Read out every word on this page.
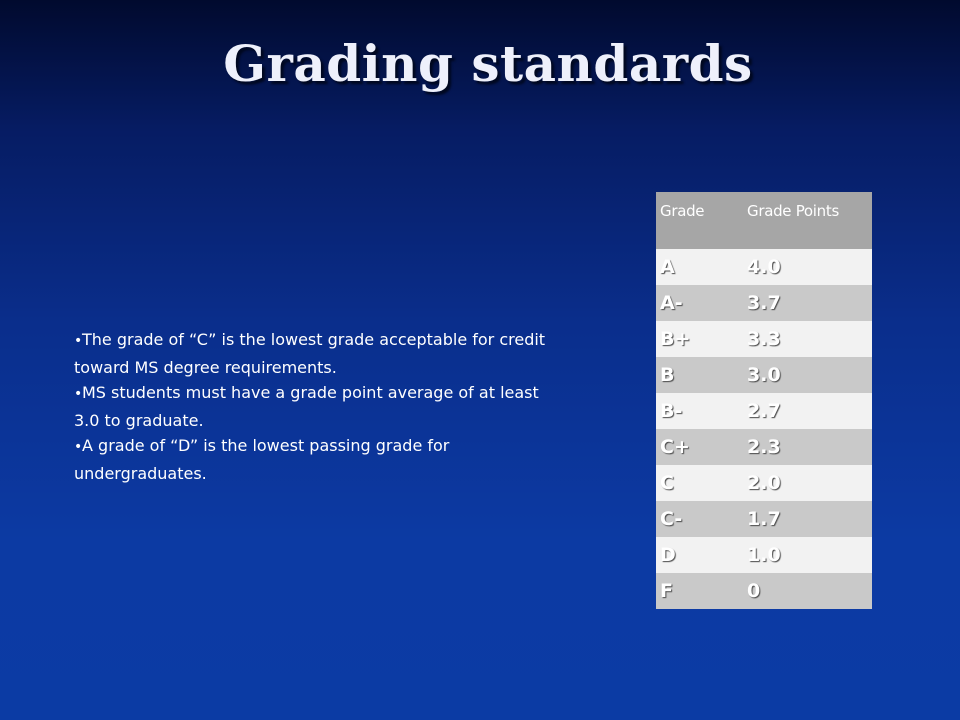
Grading standards

•The grade of “C” is the lowest grade acceptable for credit toward MS degree requirements.

•MS students must have a grade point average of at least 3.0 to graduate.

•A grade of “D” is the lowest passing grade for undergraduates.

Grade	Grade Points
A	4.0
A-	3.7
B+	3.3
B	3.0
B-	2.7
C+	2.3
C	2.0
C-	1.7
D	1.0
F	0
